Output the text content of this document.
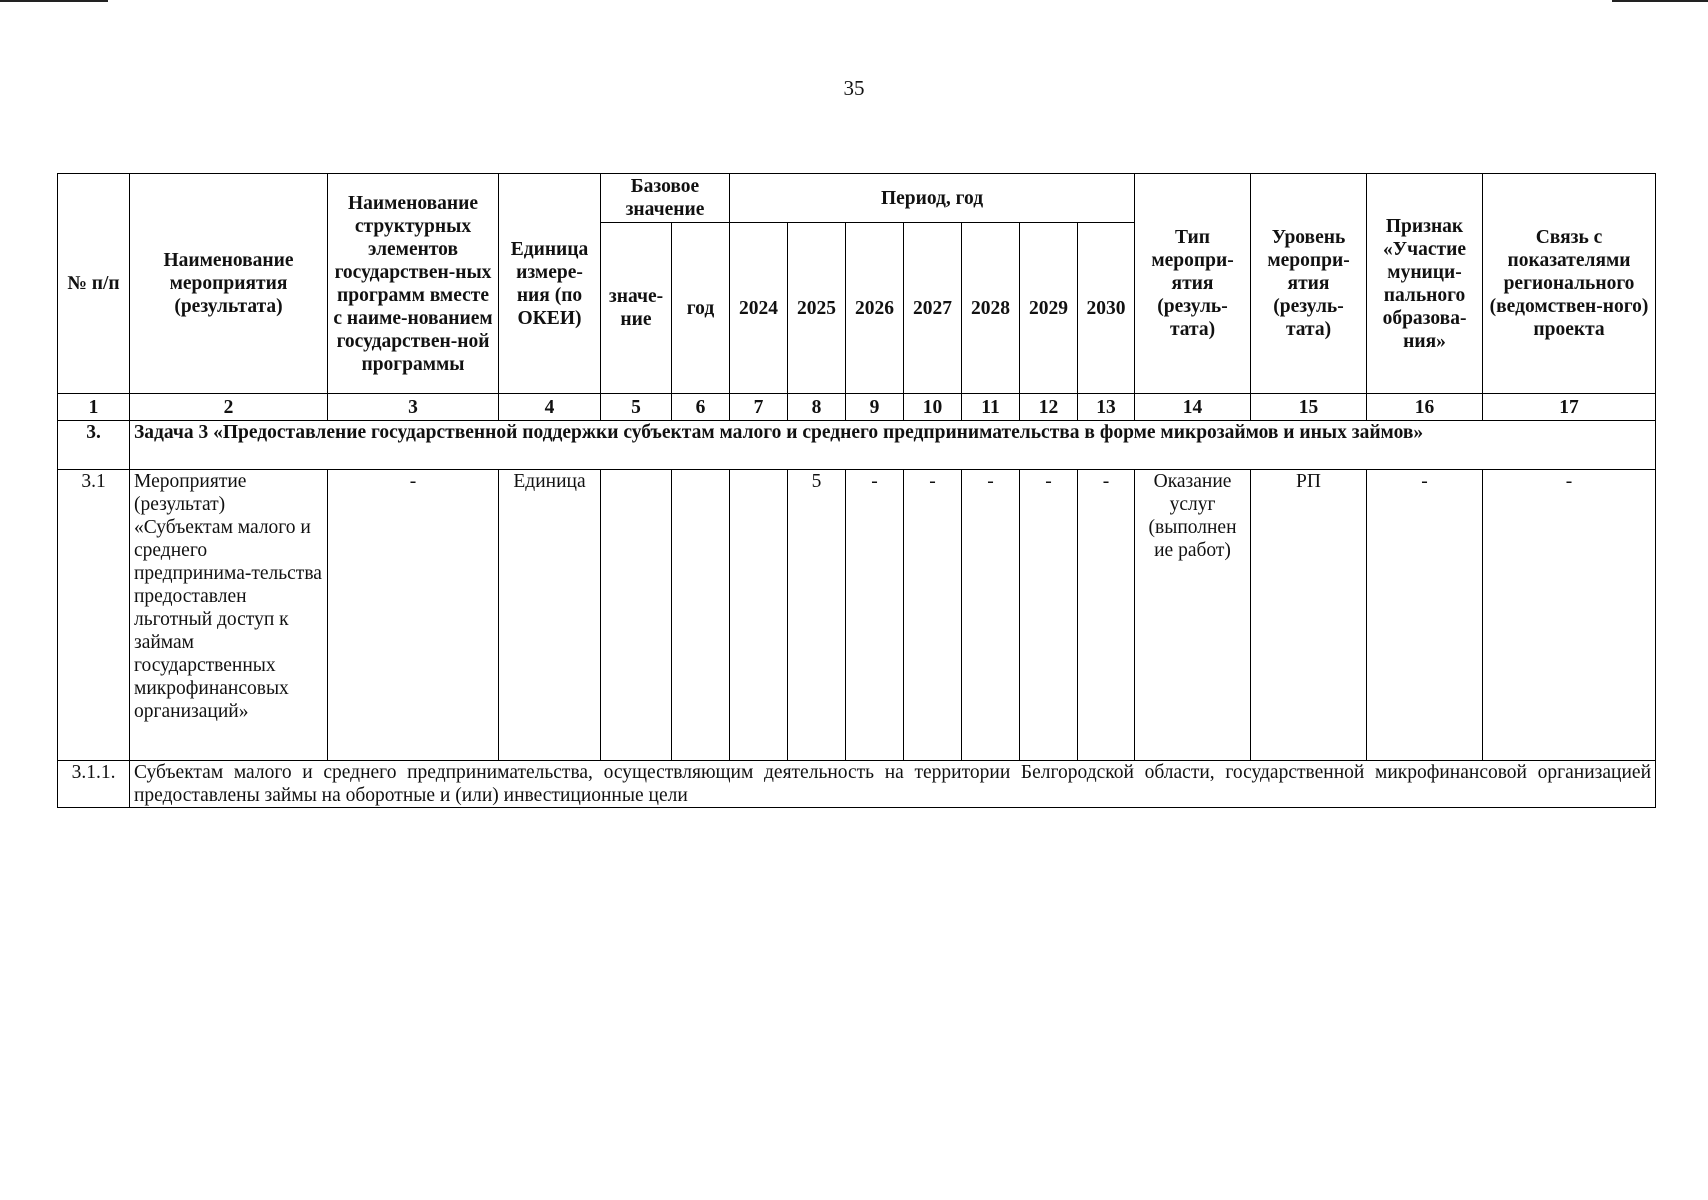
35
№ п/п	Наименование мероприятия (результата)	Наименование структурных элементов государствен-ных программ вместе с наиме-нованием государствен-ной программы	Единица измере-ния (по ОКЕИ)	Базовое значение		Период, год							Тип меропри-ятия (резуль-тата)	Уровень меропри-ятия (резуль-тата)	Признак «Участие муници-пального образова-ния»	Связь с показателями регионального (ведомствен-ного) проекта
				значе-ние	год	2024	2025	2026	2027	2028	2029	2030				
1	2	3	4	5	6	7	8	9	10	11	12	13	14	15	16	17
3.	Задача 3 «Предоставление государственной поддержки субъектам малого и среднего предпринимательства в форме микрозаймов и иных займов»															
3.1	Мероприятие (результат) «Субъектам малого и среднего предпринима-тельства предоставлен льготный доступ к займам государственных микрофинансовых организаций»	-	Единица				5	-	-	-	-	-	Оказание услуг (выполнен ие работ)	РП	-	-
3.1.1.	Субъектам малого и среднего предпринимательства, осуществляющим деятельность на территории Белгородской области, государственной микрофинансовой организацией предоставлены займы на оборотные и (или) инвестиционные цели															
